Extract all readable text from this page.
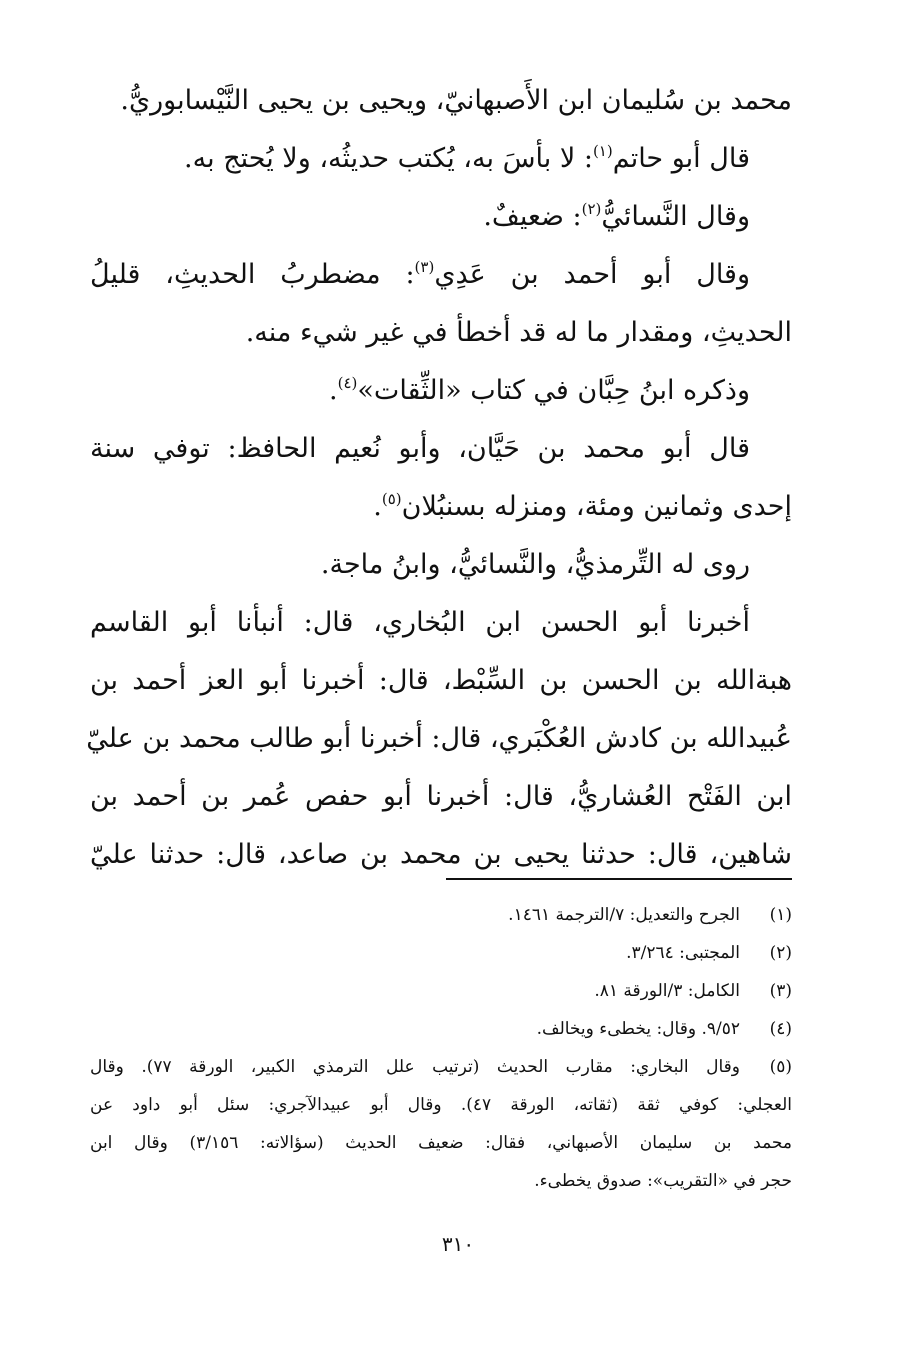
محمد بن سُليمان ابن الأَصبهانيّ، ويحيى بن يحيى النَّيْسابوريُّ.
قال أبو حاتم$^{(١)}$: لا بأسَ به، يُكتب حديثُه، ولا يُحتج به.
وقال النَّسائيُّ$^{(٢)}$: ضعيفٌ.
وقال أبو أحمد بن عَدِي$^{(٣)}$: مضطربُ الحديثِ، قليلُ
الحديثِ، ومقدار ما له قد أخطأ في غير شيء منه.
وذكره ابنُ حِبَّان في كتاب «الثِّقات»$^{(٤)}$.
قال أبو محمد بن حَيَّان، وأبو نُعيم الحافظ: توفي سنة
إحدى وثمانين ومئة، ومنزله بسنبُلان$^{(٥)}$.
روى له التِّرمذيُّ، والنَّسائيُّ، وابنُ ماجة.
أخبرنا أبو الحسن ابن البُخاري، قال: أنبأنا أبو القاسم
هبةالله بن الحسن بن السِّبْط، قال: أخبرنا أبو العز أحمد بن
عُبيدالله بن كادش العُكْبَري، قال: أخبرنا أبو طالب محمد بن عليّ
ابن الفَتْح العُشاريُّ، قال: أخبرنا أبو حفص عُمر بن أحمد بن
شاهين، قال: حدثنا يحيى بن محمد بن صاعد، قال: حدثنا عليّ
(١)
الجرح والتعديل: ٧/الترجمة ١٤٦١.
(٢)
المجتبى: ٣/٢٦٤.
(٣)
الكامل: ٣/الورقة ٨١.
(٤)
٩/٥٢. وقال: يخطىء ويخالف.
(٥)
وقال البخاري: مقارب الحديث (ترتيب علل الترمذي الكبير، الورقة ٧٧). وقال
العجلي: كوفي ثقة (ثقاته، الورقة ٤٧). وقال أبو عبيدالآجري: سئل أبو داود عن
محمد بن سليمان الأصبهاني، فقال: ضعيف الحديث (سؤالاته: ٣/١٥٦) وقال ابن
حجر في «التقريب»: صدوق يخطىء.
٣١٠
